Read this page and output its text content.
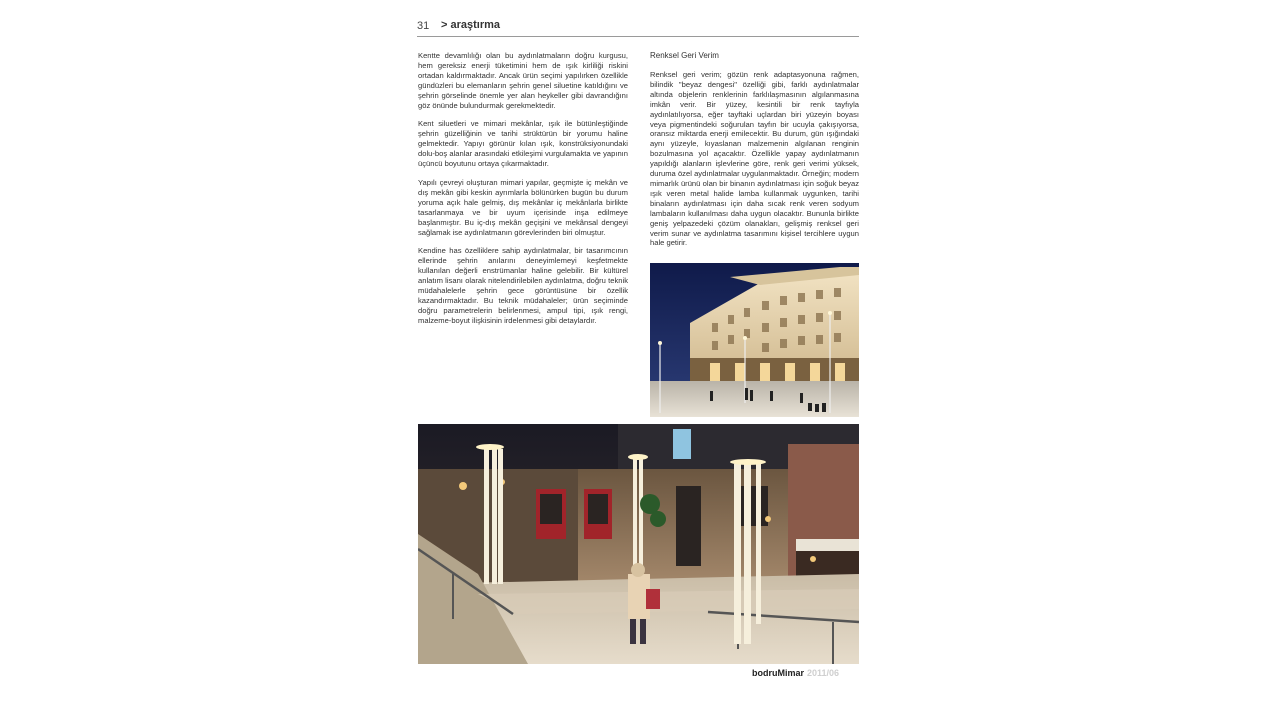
31 > araştırma

Kentte devamlılığı olan bu aydınlatmaların doğru kurgusu, hem gereksiz enerji tüketimini hem de ışık kirliliği riskini ortadan kaldırmaktadır. Ancak ürün seçimi yapılırken özellikle gündüzleri bu elemanların şehrin genel siluetine katıldığını ve şehrin görselinde önemle yer alan heykeller gibi davrandığını göz önünde bulundurmak gerekmektedir.

Kent siluetleri ve mimari mekânlar, ışık ile bütünleştiğinde şehrin güzelliğinin ve tarihi strüktürün bir yorumu haline gelmektedir. Yapıyı görünür kılan ışık, konstrüksiyonundaki dolu-boş alanlar arasındaki etkileşimi vurgulamakta ve yapının üçüncü boyutunu ortaya çıkarmaktadır.

Yapılı çevreyi oluşturan mimari yapılar, geçmişte iç mekân ve dış mekân gibi keskin ayrımlarla bölünürken bugün bu durum yoruma açık hale gelmiş, dış mekânlar iç mekânlarla birlikte tasarlanmaya ve bir uyum içerisinde inşa edilmeye başlanmıştır. Bu iç-dış mekân geçişini ve mekânsal dengeyi sağlamak ise aydınlatmanın görevlerinden biri olmuştur.

Kendine has özelliklere sahip aydınlatmalar, bir tasarımcının ellerinde şehrin anılarını deneyimlemeyi keşfetmekte kullanılan değerli enstrümanlar haline gelebilir. Bir kültürel anlatım lisanı olarak nitelendirilebilen aydınlatma, doğru teknik müdahalelerle şehrin gece görüntüsüne bir özellik kazandırmaktadır. Bu teknik müdahaleler; ürün seçiminde doğru parametrelerin belirlenmesi, ampul tipi, ışık rengi, malzeme-boyut ilişkisinin irdelenmesi gibi detaylardır.

Renksel Geri Verim

Renksel geri verim; gözün renk adaptasyonuna rağmen, bilindik "beyaz dengesi" özelliği gibi, farklı aydınlatmalar altında objelerin renklerinin farklılaşmasının algılanmasına imkân verir. Bir yüzey, kesintili bir renk tayfıyla aydınlatılıyorsa, eğer tayftaki uçlardan biri yüzeyin boyası veya pigmentindeki soğurulan tayfın bir ucuyla çakışıyorsa, oransız miktarda enerji emilecektir. Bu durum, gün ışığındaki aynı yüzeyle, kıyaslanan malzemenin algılanan renginin bozulmasına yol açacaktır. Özellikle yapay aydınlatmanın yapıldığı alanların işlevlerine göre, renk geri verimi yüksek, duruma özel aydınlatmalar uygulanmaktadır. Örneğin; modern mimarlık ürünü olan bir binanın aydınlatması için soğuk beyaz ışık veren metal halide lamba kullanmak uygunken, tarihi binaların aydınlatması için daha sıcak renk veren sodyum lambaların kullanılması daha uygun olacaktır. Bununla birlikte geniş yelpazedeki çözüm olanakları, gelişmiş renksel geri verim sunar ve aydınlatma tasarımını kişisel tercihlere uygun hale getirir.

bodruMimar 2011/06
